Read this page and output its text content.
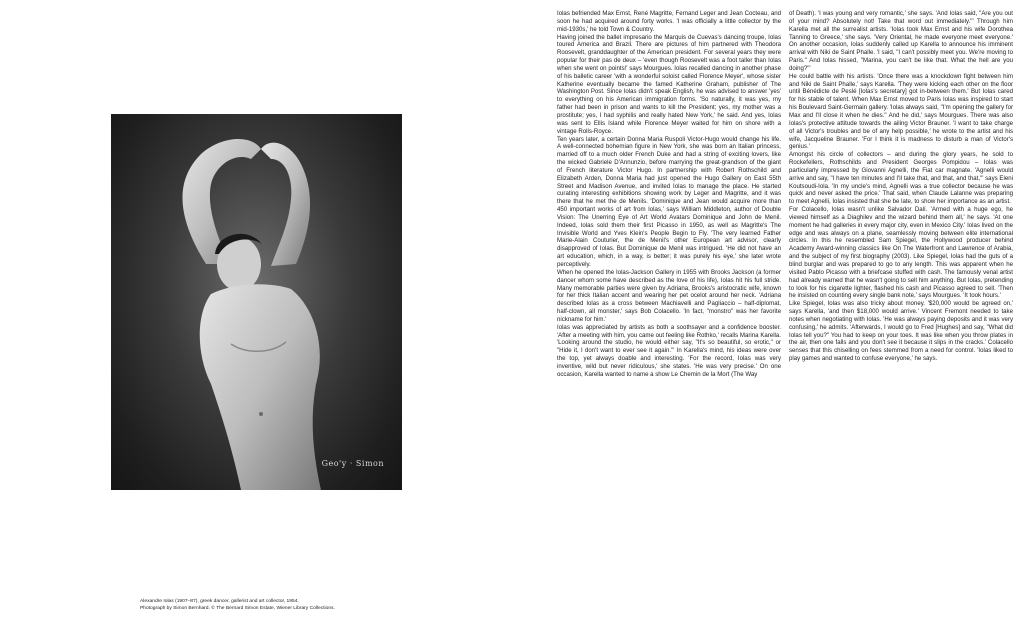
Geo'y · Simon
Alexandre Iolas (1907–87), greek dancer, gallerist and art collector, 1954.
Photograph by Simon Bernhard. © The Bernard Simon Estate, Wiener Library Collections.

Iolas befriended Max Ernst, René Magritte, Fernand Leger and Jean Cocteau, and soon he had acquired around forty works. 'I was officially a little collector by the mid-1930s,' he told Town & Country.

Having joined the ballet impresario the Marquis de Cuevas's dancing troupe, Iolas toured America and Brazil. There are pictures of him partnered with Theodora Roosevelt, granddaughter of the American president. For several years they were popular for their pas de deux – 'even though Roosevelt was a foot taller than Iolas when she went on points!' says Mourgues. Iolas recalled dancing in another phase of his balletic career 'with a wonderful soloist called Florence Meyer', whose sister Katherine eventually became the famed Katherine Graham, publisher of The Washington Post. Since Iolas didn't speak English, he was advised to answer 'yes' to everything on his American immigration forms. 'So naturally, it was yes, my father had been in prison and wants to kill the President; yes, my mother was a prostitute; yes, I had syphilis and really hated New York,' he said. And yes, Iolas was sent to Ellis Island while Florence Meyer waited for him on shore with a vintage Rolls-Royce.

Ten years later, a certain Donna Maria Ruspoli Victor-Hugo would change his life. A well-connected bohemian figure in New York, she was born an Italian princess, married off to a much older French Duke and had a string of exciting lovers, like the wicked Gabriele D'Annunzio, before marrying the great-grandson of the giant of French literature Victor Hugo. In partnership with Robert Rothschild and Elizabeth Arden, Donna Maria had just opened the Hugo Gallery on East 55th Street and Madison Avenue, and invited Iolas to manage the place. He started curating interesting exhibitions showing work by Leger and Magritte, and it was there that he met the de Menils. 'Dominique and Jean would acquire more than 450 important works of art from Iolas,' says William Middleton, author of Double Vision: The Unerring Eye of Art World Avatars Dominique and John de Menil. Indeed, Iolas sold them their first Picasso in 1950, as well as Magritte's The Invisible World and Yves Klein's People Begin to Fly. 'The very learned Father Marie-Alain Couturier, the de Menil's other European art advisor, clearly disapproved of Iolas. But Dominique de Menil was intrigued. 'He did not have an art education, which, in a way, is better; it was purely his eye,' she later wrote perceptively.

When he opened the Iolas-Jackson Gallery in 1955 with Brooks Jackson (a former dancer whom some have described as the love of his life), Iolas hit his full stride. Many memorable parties were given by Adriana, Brooks's aristocratic wife, known for her thick Italian accent and wearing her pet ocelot around her neck. 'Adriana described Iolas as a cross between Machiavelli and Pagliaccio – half-diplomat, half-clown, all monster,' says Bob Colacello. 'In fact, "monstro" was her favorite nickname for him.'

Iolas was appreciated by artists as both a soothsayer and a confidence booster. 'After a meeting with him, you came out feeling like Rothko,' recalls Marina Karella. 'Looking around the studio, he would either say, "It's so beautiful, so erotic," or "Hide it, I don't want to ever see it again."' In Karella's mind, his ideas were over the top, yet always doable and interesting. 'For the record, Iolas was very inventive, wild but never ridiculous,' she states. 'He was very precise.' On one occasion, Karella wanted to name a show Le Chemin de la Mort (The Way

of Death). 'I was young and very romantic,' she says. 'And Iolas said, "Are you out of your mind? Absolutely not! Take that word out immediately."' Through him Karella met all the surrealist artists. 'Iolas took Max Ernst and his wife Dorothea Tanning to Greece,' she says. 'Very Oriental, he made everyone meet everyone.' On another occasion, Iolas suddenly called up Karella to announce his imminent arrival with Niki de Saint Phalle. 'I said, "I can't possibly meet you. We're moving to Paris." And Iolas hissed, "Marina, you can't be like that. What the hell are you doing?"'

He could battle with his artists. 'Once there was a knockdown fight between him and Niki de Saint Phalle,' says Karella. 'They were kicking each other on the floor until Bénédicte de Peslé [Iolas's secretary] got in-between them.' But Iolas cared for his stable of talent. When Max Ernst moved to Paris Iolas was inspired to start his Boulevard Saint-Germain gallery. 'Iolas always said, "I'm opening the gallery for Max and I'll close it when he dies." And he did,' says Mourgues. There was also Iolas's protective attitude towards the ailing Victor Brauner. 'I want to take charge of all Victor's troubles and be of any help possible,' he wrote to the artist and his wife, Jacqueline Brauner. 'For I think it is madness to disturb a man of Victor's genius.'

Amongst his circle of collectors – and during the glory years, he sold to Rockefellers, Rothschilds and President Georges Pompidou – Iolas was particularly impressed by Giovanni Agnelli, the Fiat car magnate. 'Agnelli would arrive and say, "I have ten minutes and I'll take that, and that, and that,"' says Eleni Koutsoudi-Iola. 'In my uncle's mind, Agnelli was a true collector because he was quick and never asked the price.' That said, when Claude Lalanne was preparing to meet Agnelli, Iolas insisted that she be late, to show her importance as an artist.

For Colacello, Iolas wasn't unlike Salvador Dalí. 'Armed with a huge ego, he viewed himself as a Diaghilev and the wizard behind them all,' he says. 'At one moment he had galleries in every major city, even in Mexico City.' Iolas lived on the edge and was always on a plane, seamlessly moving between elite international circles. In this he resembled Sam Spiegel, the Hollywood producer behind Academy Award-winning classics like On The Waterfront and Lawrence of Arabia, and the subject of my first biography (2003). Like Spiegel, Iolas had the guts of a blind burglar and was prepared to go to any length. This was apparent when he visited Pablo Picasso with a briefcase stuffed with cash. The famously venal artist had already warned that he wasn't going to sell him anything. But Iolas, pretending to look for his cigarette lighter, flashed his cash and Picasso agreed to sell. 'Then he insisted on counting every single bank note,' says Mourgues. 'It took hours.'

Like Spiegel, Iolas was also tricky about money. '$20,000 would be agreed on,' says Karella, 'and then $18,000 would arrive.' Vincent Fremont needed to take notes when negotiating with Iolas. 'He was always paying deposits and it was very confusing,' he admits. 'Afterwards, I would go to Fred [Hughes] and say, "What did Iolas tell you?" You had to keep on your toes. It was like when you throw plates in the air, then one falls and you don't see it because it slips in the cracks.' Colacello senses that this chiselling on fees stemmed from a need for control. 'Iolas liked to play games and wanted to confuse everyone,' he says.
